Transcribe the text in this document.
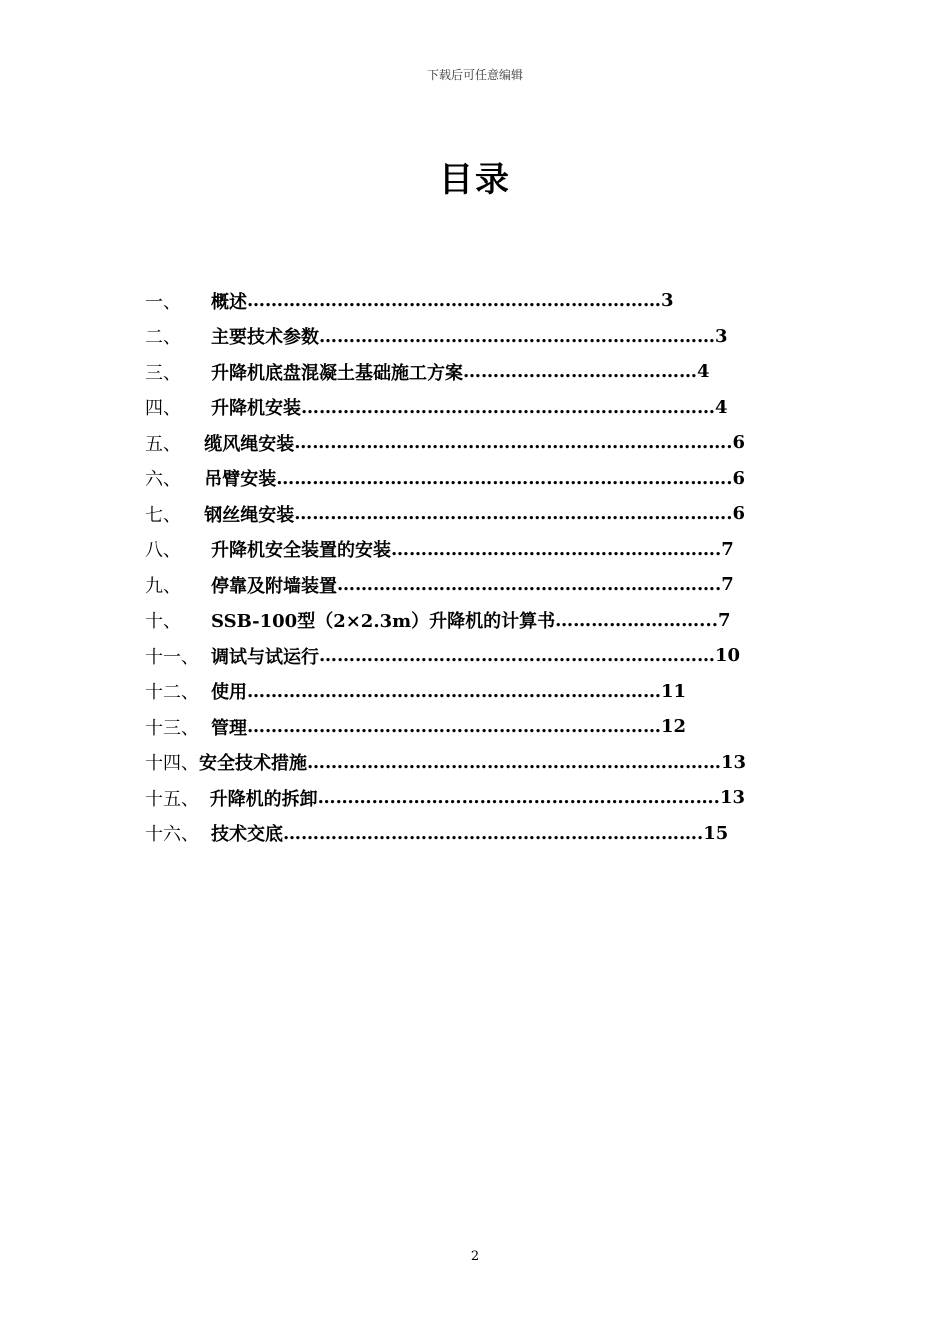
下载后可任意编辑
目录
一、	概述 ……………………………………………………………3
二、	主要技术参数 …………………………………………………………3
三、	升降机底盘混凝土基础施工方案 …………………………………4
四、	升降机安装 ……………………………………………………………4
五、	缆风绳安装 ……………………………………………………………….6
六、	吊臂安装 ………………………………………………………………….6
七、	钢丝绳安装 ……………………………………………………………….6
八、	升降机安全装置的安装 ……………………………………………….7
九、	停靠及附墙装置 ……………………………………………………….7
十、	SSB-100型（2×2.3m）升降机的计算书 ……………………...7
十一、 调试与试运行 …………………………………………………………10
十二、 使用 ……………………………………………………………11
十三、 管理 ……………………………………………………………12
十四、 安全技术措施 ……………………………………………………………13
十五、 升降机的拆卸 ………………………………………………………….13
十六、 技术交底 …………………………………………………………….15
2
